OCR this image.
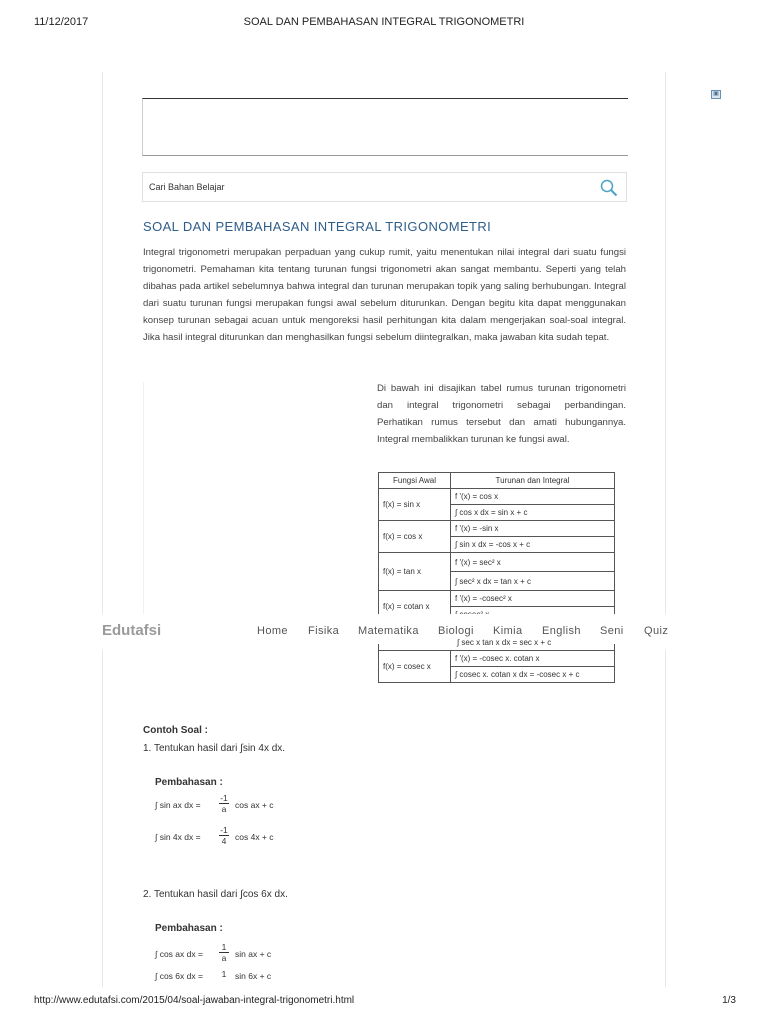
11/12/2017	SOAL DAN PEMBAHASAN INTEGRAL TRIGONOMETRI
▣
Cari Bahan Belajar
SOAL DAN PEMBAHASAN INTEGRAL TRIGONOMETRI

Integral trigonometri merupakan perpaduan yang cukup rumit, yaitu menentukan nilai integral dari suatu fungsi trigonometri. Pemahaman kita tentang turunan fungsi trigonometri akan sangat membantu. Seperti yang telah dibahas pada artikel sebelumnya bahwa integral dan turunan merupakan topik yang saling berhubungan. Integral dari suatu turunan fungsi merupakan fungsi awal sebelum diturunkan. Dengan begitu kita dapat menggunakan konsep turunan sebagai acuan untuk mengoreksi hasil perhitungan kita dalam mengerjakan soal-soal integral. Jika hasil integral diturunkan dan menghasilkan fungsi sebelum diintegralkan, maka jawaban kita sudah tepat.

Di bawah ini disajikan tabel rumus turunan trigonometri dan integral trigonometri sebagai perbandingan. Perhatikan rumus tersebut dan amati hubungannya. Integral membalikkan turunan ke fungsi awal.

Fungsi Awal	Turunan dan Integral
f(x) = sin x	f '(x) = cos x
	∫ cos x dx = sin x + c
f(x) = cos x	f '(x) = -sin x
	∫ sin x dx = -cos x + c
f(x) = tan x	f '(x) = sec² x
	∫ sec² x dx = tan x + c
f(x) = cotan x	f '(x) = -cosec² x

Edutafsi	Home Fisika Matematika Biologi Kimia English Seni Quiz
∫ sec x tan x dx = sec x + c
f(x) = cosec x	f '(x) = -cosec x. cotan x
∫ cosec x. cotan x dx = -cosec x + c
Contoh Soal :
1. Tentukan hasil dari ∫sin 4x dx.
Pembahasan :
∫ sin ax dx =
-1
a	cos ax + c
∫ sin 4x dx =
-1
4	cos 4x + c
2. Tentukan hasil dari ∫cos 6x dx.
Pembahasan :
∫ cos ax dx =
1
a	sin ax + c
∫ cos 6x dx =	1	sin 6x + c
http://www.edutafsi.com/2015/04/soal-jawaban-integral-trigonometri.html	1/3
